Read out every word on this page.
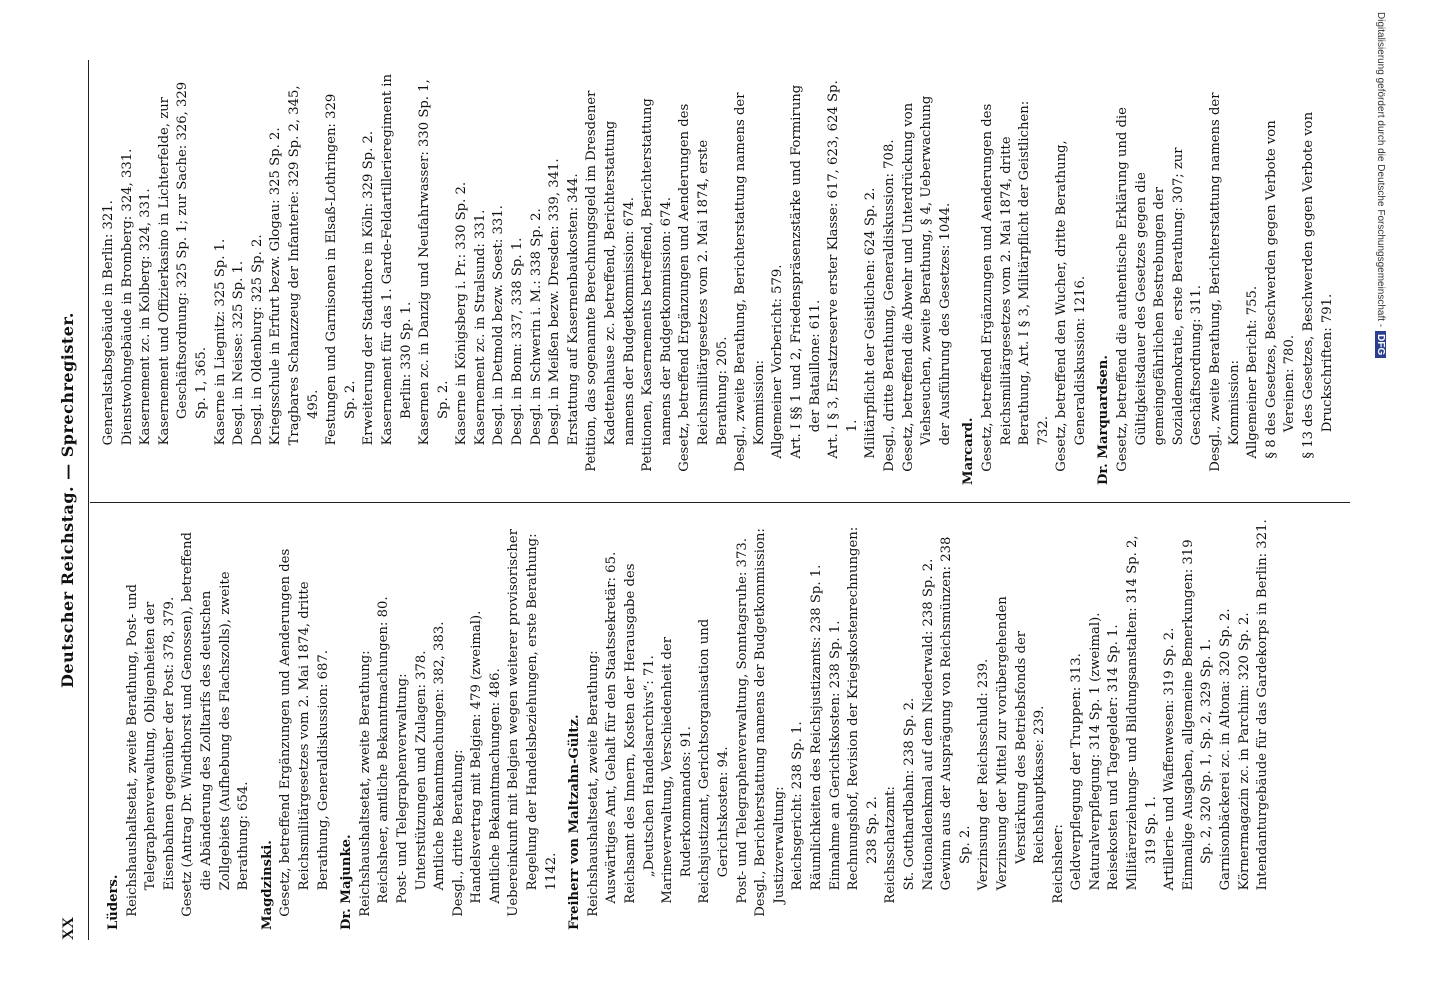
XX
Deutscher Reichstag. — Sprechregister.

Lüders. Reichshaushaltsetat, zweite Berathung, Post- und Telegraphenverwaltung, Obligenheiten der Eisenbahnen gegenüber der Post: 378, 379. Gesetz (Antrag Dr. Windthorst und Genossen), betreffend die Abänderung des Zolltarifs des deutschen Zollgebiets (Aufhebung des Flachszolls), zweite Berathung: 654. Magdzinski. Gesetz, betreffend Ergänzungen und Aenderungen des Reichsmilitärgesetzes vom 2. Mai 1874, dritte Berathung, Generaldiskussion: 687. Dr. Majunke. Reichshaushaltsetat, zweite Berathung: Reichsheer, amtliche Bekanntmachungen: 80. Post- und Telegraphenverwaltung: Unterstützungen und Zulagen: 378. Amtliche Bekanntmachungen: 382, 383. Desgl., dritte Berathung: Handelsvertrag mit Belgien: 479 (zweimal). Amtliche Bekanntmachungen: 486. Uebereinkunft mit Belgien wegen weiterer provisorischer Regelung der Handelsbeziehungen, erste Berathung: 1142. Freiherr von Maltzahn-Gültz. Reichshaushaltsetat, zweite Berathung: Auswärtiges Amt, Gehalt für den Staatssekretär: 65. Reichsamt des Innern, Kosten der Herausgabe des „Deutschen Handelsarchivs“: 71. Marineverwaltung, Verschiedenheit der Ruderkommandos: 91. Reichsjustizamt, Gerichtsorganisation und Gerichtskosten: 94. Post- und Telegraphenverwaltung, Sonntagsruhe: 373. Desgl., Berichterstattung namens der Budgetkommission: Justizverwaltung: Reichsgericht: 238 Sp. 1. Räumlichkeiten des Reichsjustizamts: 238 Sp. 1. Einnahme an Gerichtskosten: 238 Sp. 1. Rechnungshof, Revision der Kriegskostenrechnungen: 238 Sp. 2. Reichsschatzamt: St. Gotthardbahn: 238 Sp. 2. Nationaldenkmal auf dem Niederwald: 238 Sp. 2. Gewinn aus der Ausprägung von Reichsmünzen: 238 Sp. 2. Verzinsung der Reichsschuld: 239. Verzinsung der Mittel zur vorübergehenden Verstärkung des Betriebsfonds der Reichshauptkasse: 239. Reichsheer: Geldverpflegung der Truppen: 313. Naturalverpflegung: 314 Sp. 1 (zweimal). Reisekosten und Tagegelder: 314 Sp. 1. Militärerziehungs- und Bildungsanstalten: 314 Sp. 2, 319 Sp. 1. Artillerie- und Waffenwesen: 319 Sp. 2. Einmalige Ausgaben, allgemeine Bemerkungen: 319 Sp. 2, 320 Sp. 1, Sp. 2, 329 Sp. 1. Garnisonbäckerei zc. in Altona: 320 Sp. 2. Körnermagazin zc. in Parchim: 320 Sp. 2. Intendanturgebäude für das Gardekorps in Berlin: 321.

Generalstabsgebäude in Berlin: 321. Dienstwohngebäude in Bromberg: 324, 331. Kasernement zc. in Kolberg: 324, 331. Kasernement und Offizierkasino in Lichterfelde, zur Geschäftsordnung: 325 Sp. 1; zur Sache: 326, 329 Sp. 1, 365. Kaserne in Liegnitz: 325 Sp. 1. Desgl. in Neisse: 325 Sp. 1. Desgl. in Oldenburg: 325 Sp. 2. Kriegsschule in Erfurt bezw. Glogau: 325 Sp. 2. Tragbares Schanzzeug der Infanterie: 329 Sp. 2, 345, 495. Festungen und Garnisonen in Elsaß-Lothringen: 329 Sp. 2. Erweiterung der Stadtthore in Köln: 329 Sp. 2. Kasernement für das 1. Garde-Feldartillerieregiment in Berlin: 330 Sp. 1. Kasernen zc. in Danzig und Neufahrwasser: 330 Sp. 1, Sp. 2. Kaserne in Königsberg i. Pr.: 330 Sp. 2. Kasernement zc. in Stralsund: 331. Desgl. in Detmold bezw. Soest: 331. Desgl. in Bonn: 337, 338 Sp. 1. Desgl. in Schwerin i. M.: 338 Sp. 2. Desgl. in Meißen bezw. Dresden: 339, 341. Erstattung auf Kasernenbaukosten: 344. Petition, das sogenannte Berechnungsgeld im Dresdener Kadettenhause zc. betreffend, Berichterstattung namens der Budgetkommission: 674. Petitionen, Kasernements betreffend, Berichterstattung namens der Budgetkommission: 674. Gesetz, betreffend Ergänzungen und Aenderungen des Reichsmilitärgesetzes vom 2. Mai 1874, erste Berathung: 205. Desgl., zweite Berathung, Berichterstattung namens der Kommission: Allgemeiner Vorbericht: 579. Art. I §§ 1 und 2, Friedenspräsenzstärke und Formirung der Bataillone: 611. Art. I § 3, Ersatzreserve erster Klasse: 617, 623, 624 Sp. 1. Militärpflicht der Geistlichen: 624 Sp. 2. Desgl., dritte Berathung, Generaldiskussion: 708. Gesetz, betreffend die Abwehr und Unterdrückung von Viehseuchen, zweite Berathung, § 4, Ueberwachung der Ausführung des Gesetzes: 1044.

Marcard. Gesetz, betreffend Ergänzungen und Aenderungen des Reichsmilitärgesetzes vom 2. Mai 1874, dritte Berathung, Art. I § 3, Militärpflicht der Geistlichen: 732. Gesetz, betreffend den Wucher, dritte Berathung, Generaldiskussion: 1216. Dr. Marquardsen. Gesetz, betreffend die authentische Erklärung und die Gültigkeitsdauer des Gesetzes gegen die gemeingefährlichen Bestrebungen der Sozialdemokratie, erste Berathung: 307; zur Geschäftsordnung: 311. Desgl., zweite Berathung, Berichterstattung namens der Kommission: Allgemeiner Bericht: 755. § 8 des Gesetzes, Beschwerden gegen Verbote von Vereinen: 780. § 13 des Gesetzes, Beschwerden gegen Verbote von Druckschriften: 791.

Digitalisierung gefördert durch die Deutsche Forschungsgemeinschaft -DFG
